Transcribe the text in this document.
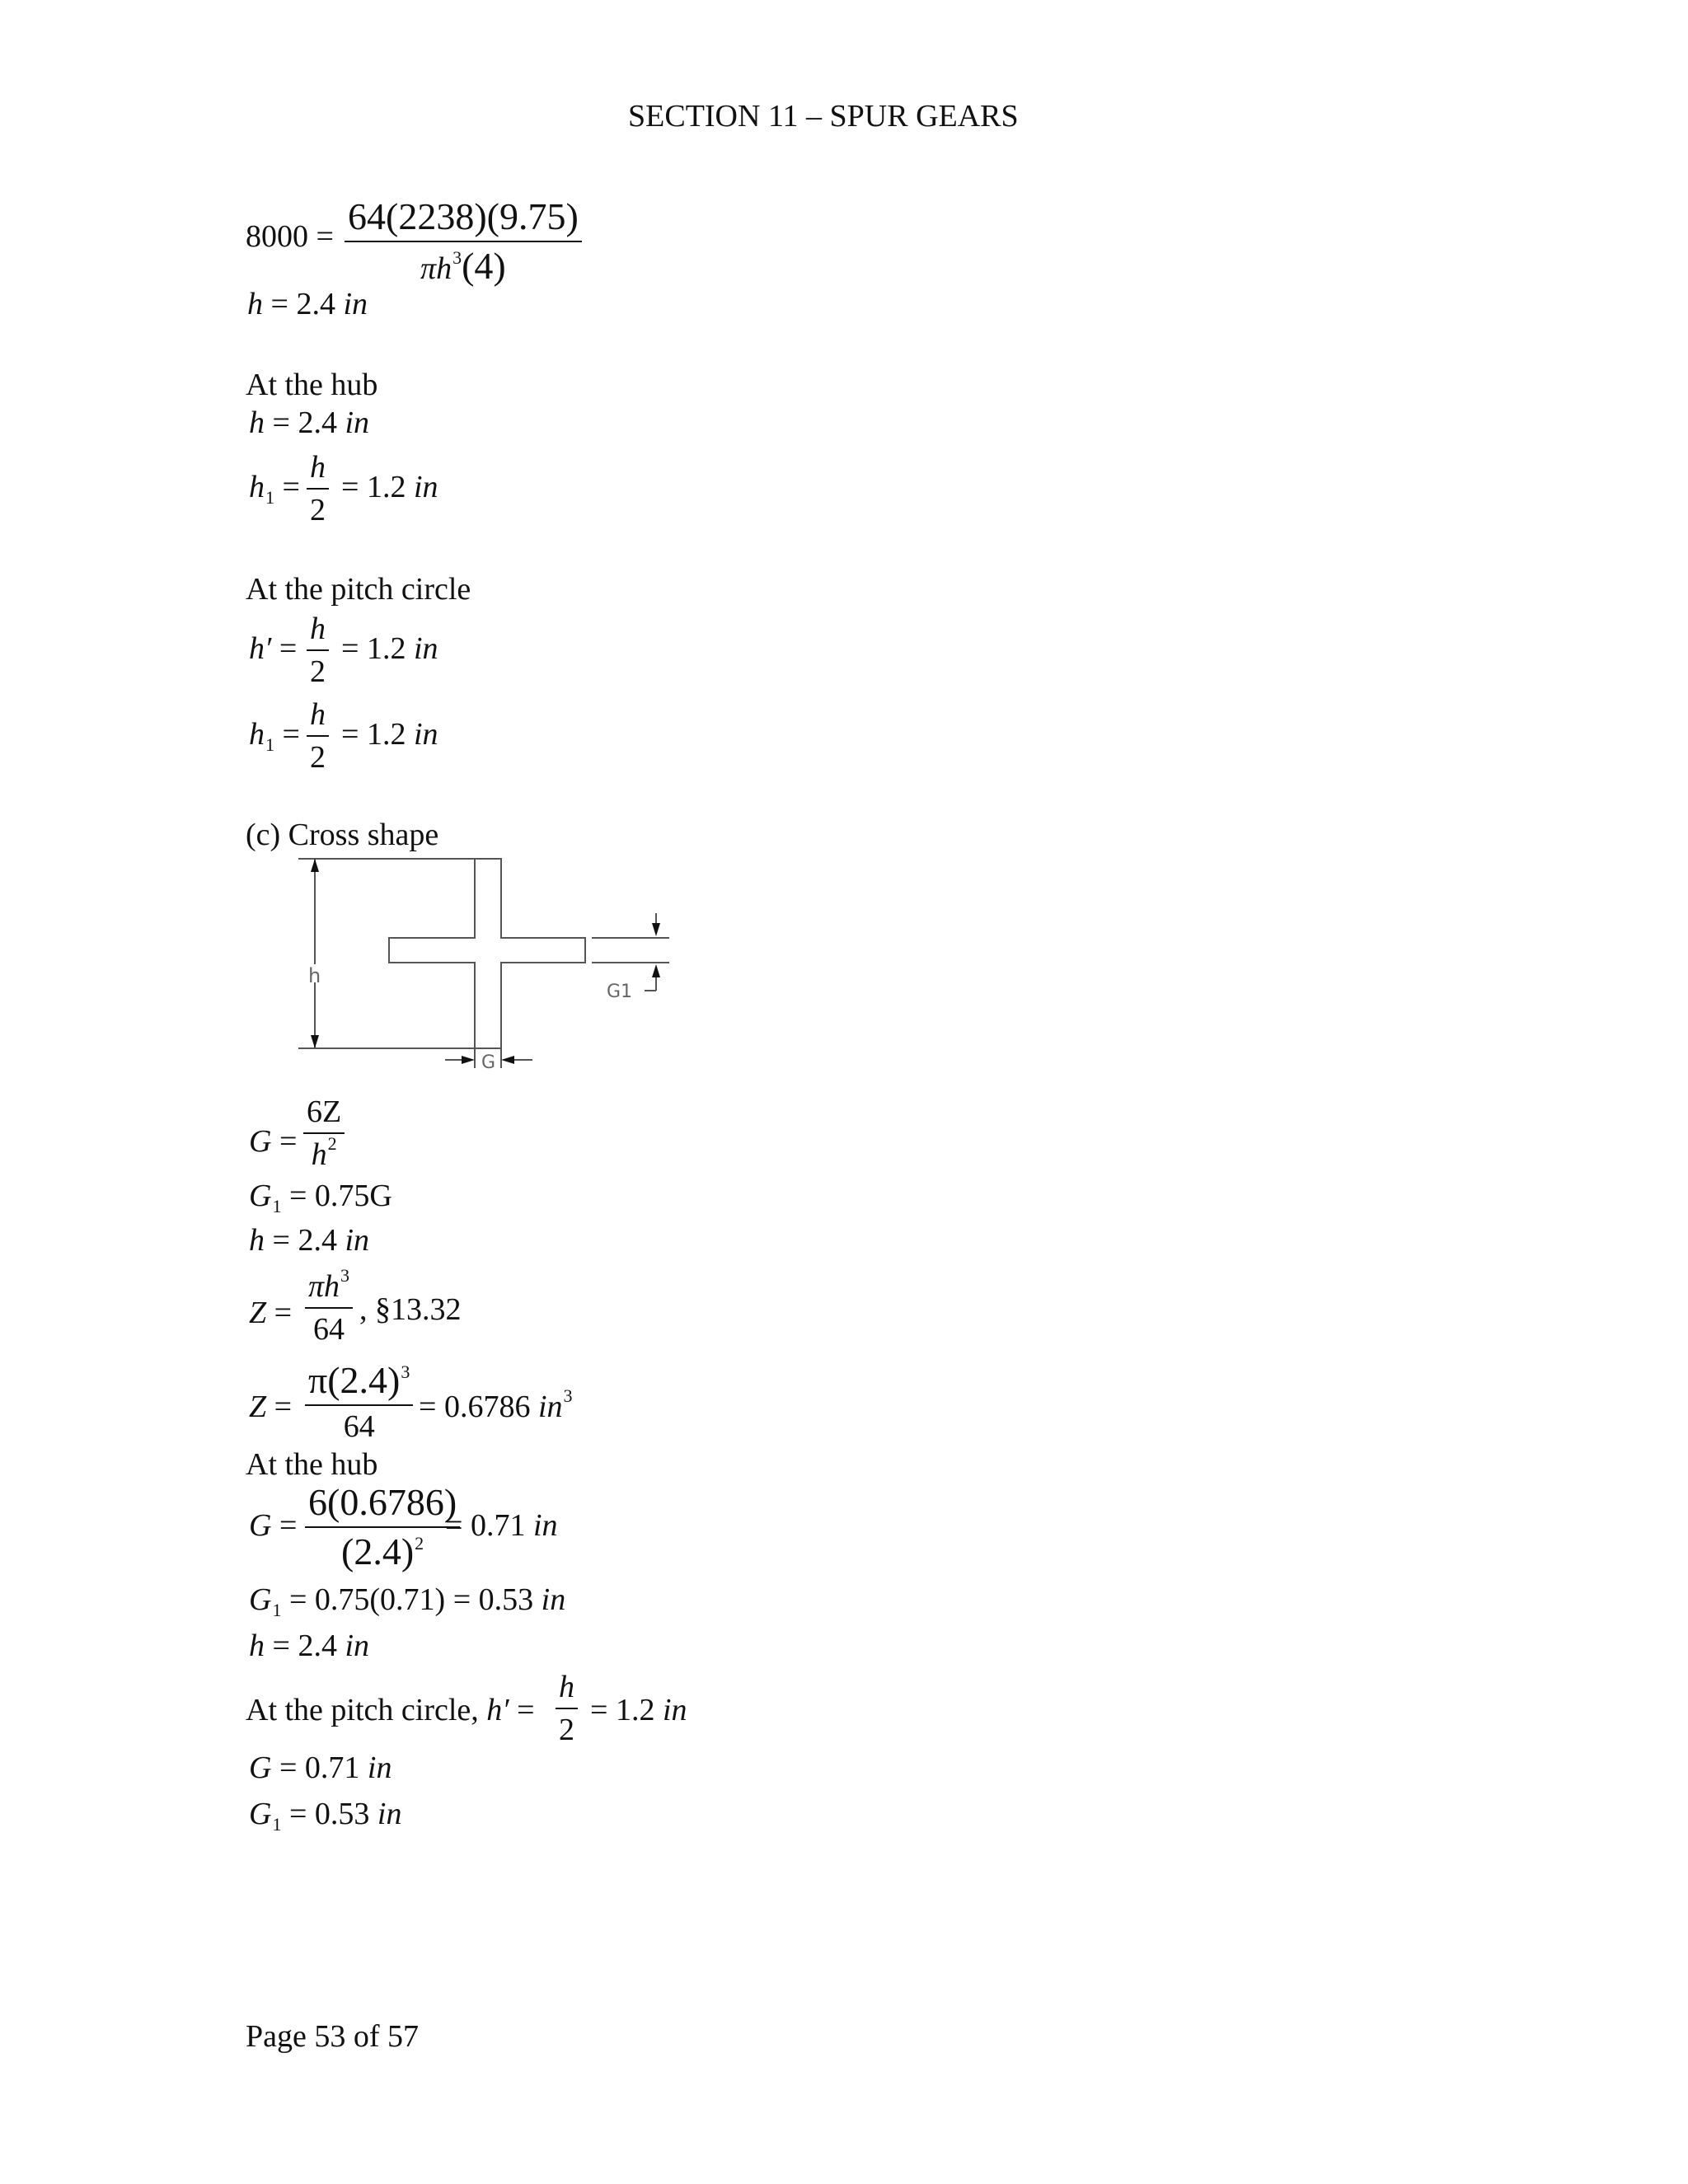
SECTION 11 – SPUR GEARS
8000 = 64(2238)(9.75)
$\pi h^3(4)$
h = 2.4 in
At the hub
h = 2.4 in
$h_1$ =
h
2
= 1.2 in
At the pitch circle
h′ =
h
2
= 1.2 in
$h_1$ =
h
2
= 1.2 in
(c) Cross shape
h
G
G1
G =
6Z
$h^2$
$G_1 = 0.75G$
h = 2.4 in
Z =
$\pi h^3$
64
, §13.32
Z =
$\pi(2.4)^3$
64
= 0.6786 $in^3$
At the hub
G =
6(0.6786)
$(2.4)^2$
= 0.71 in
$G_1 = 0.75(0.71) = 0.53$ in
h = 2.4 in
At the pitch circle, h′ =
h
2
= 1.2 in
G = 0.71 in
$G_1 = 0.53$ in
Page 53 of 57
